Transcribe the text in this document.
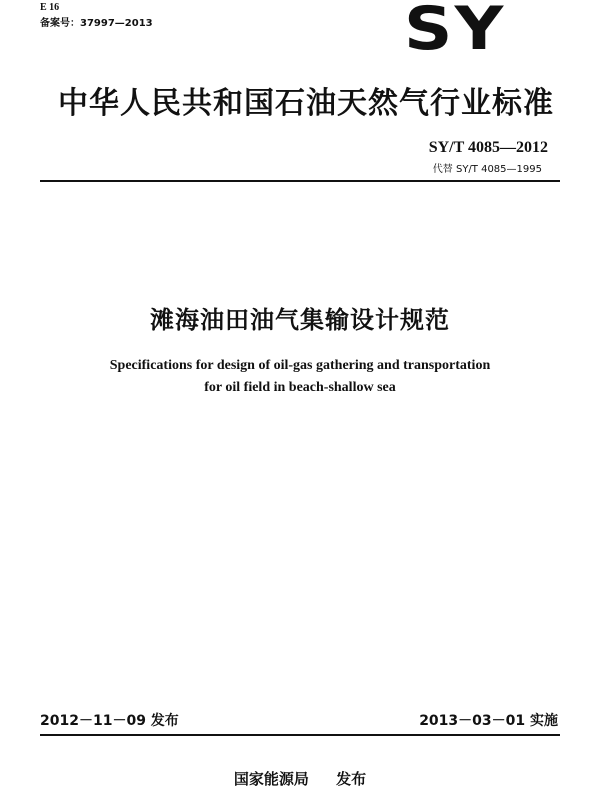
E 16
备案号：37997—2013	SY
中华人民共和国石油天然气行业标准
SY/T 4085—2012
代替 SY/T 4085—1995
滩海油田油气集输设计规范
Specifications for design of oil-gas gathering and transportation
for oil field in beach-shallow sea
2012－11－09 发布	2013－03－01 实施
国家能源局 发布
